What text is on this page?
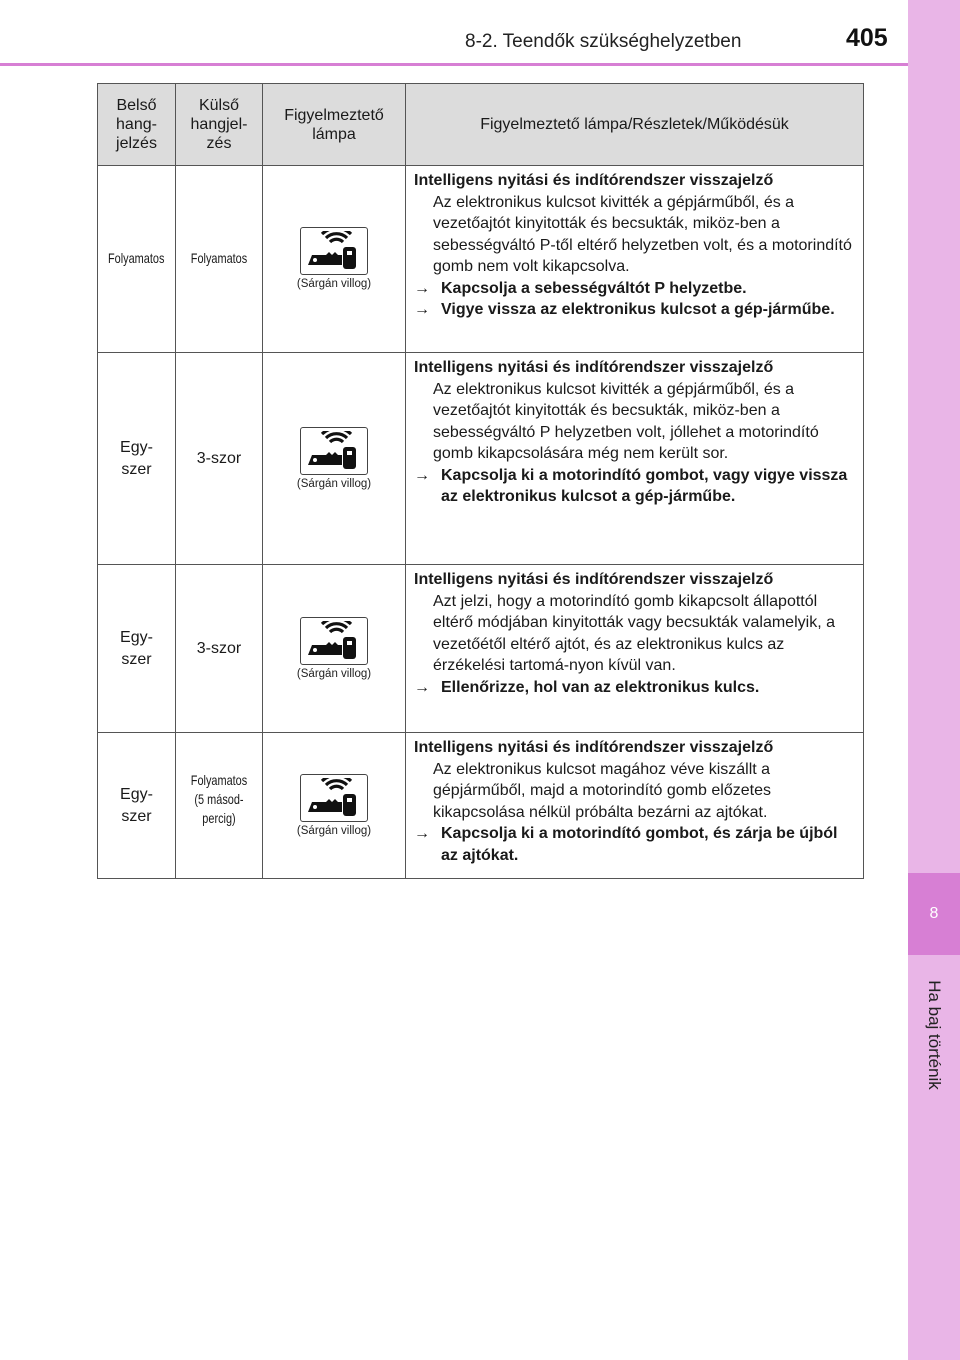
8
Ha baj történik
8-2. Teendők szükséghelyzetben	405
Belső hang-jelzés	Külső hangjel-zés	Figyelmeztető lámpa	Figyelmeztető lámpa/Részletek/Működésük

Folyamatos	Folyamatos	(Sárgán villog)	Intelligens nyitási és indítórendszer visszajelző
Az elektronikus kulcsot kivitték a gépjárműből, és a vezetőajtót kinyitották és becsukták, miköz-ben a sebességváltó P-től eltérő helyzetben volt, és a motorindító gomb nem volt kikapcsolva.
→ Kapcsolja a sebességváltót P helyzetbe.
→ Vigye vissza az elektronikus kulcsot a gép-járműbe.

Egy-szer	3-szor	(Sárgán villog)	Intelligens nyitási és indítórendszer visszajelző
Az elektronikus kulcsot kivitték a gépjárműből, és a vezetőajtót kinyitották és becsukták, miköz-ben a sebességváltó P helyzetben volt, jóllehet a motorindító gomb kikapcsolására még nem került sor.
→ Kapcsolja ki a motorindító gombot, vagy vigye vissza az elektronikus kulcsot a gép-járműbe.

Egy-szer	3-szor	(Sárgán villog)	Intelligens nyitási és indítórendszer visszajelző
Azt jelzi, hogy a motorindító gomb kikapcsolt állapottól eltérő módjában kinyitották vagy becsukták valamelyik, a vezetőétől eltérő ajtót, és az elektronikus kulcs az érzékelési tartomá-nyon kívül van.
→ Ellenőrizze, hol van az elektronikus kulcs.

Egy-szer	Folyamatos (5 másod-percig)	(Sárgán villog)	Intelligens nyitási és indítórendszer visszajelző
Az elektronikus kulcsot magához véve kiszállt a gépjárműből, majd a motorindító gomb előzetes kikapcsolása nélkül próbálta bezárni az ajtókat.
→ Kapcsolja ki a motorindító gombot, és zárja be újból az ajtókat.
